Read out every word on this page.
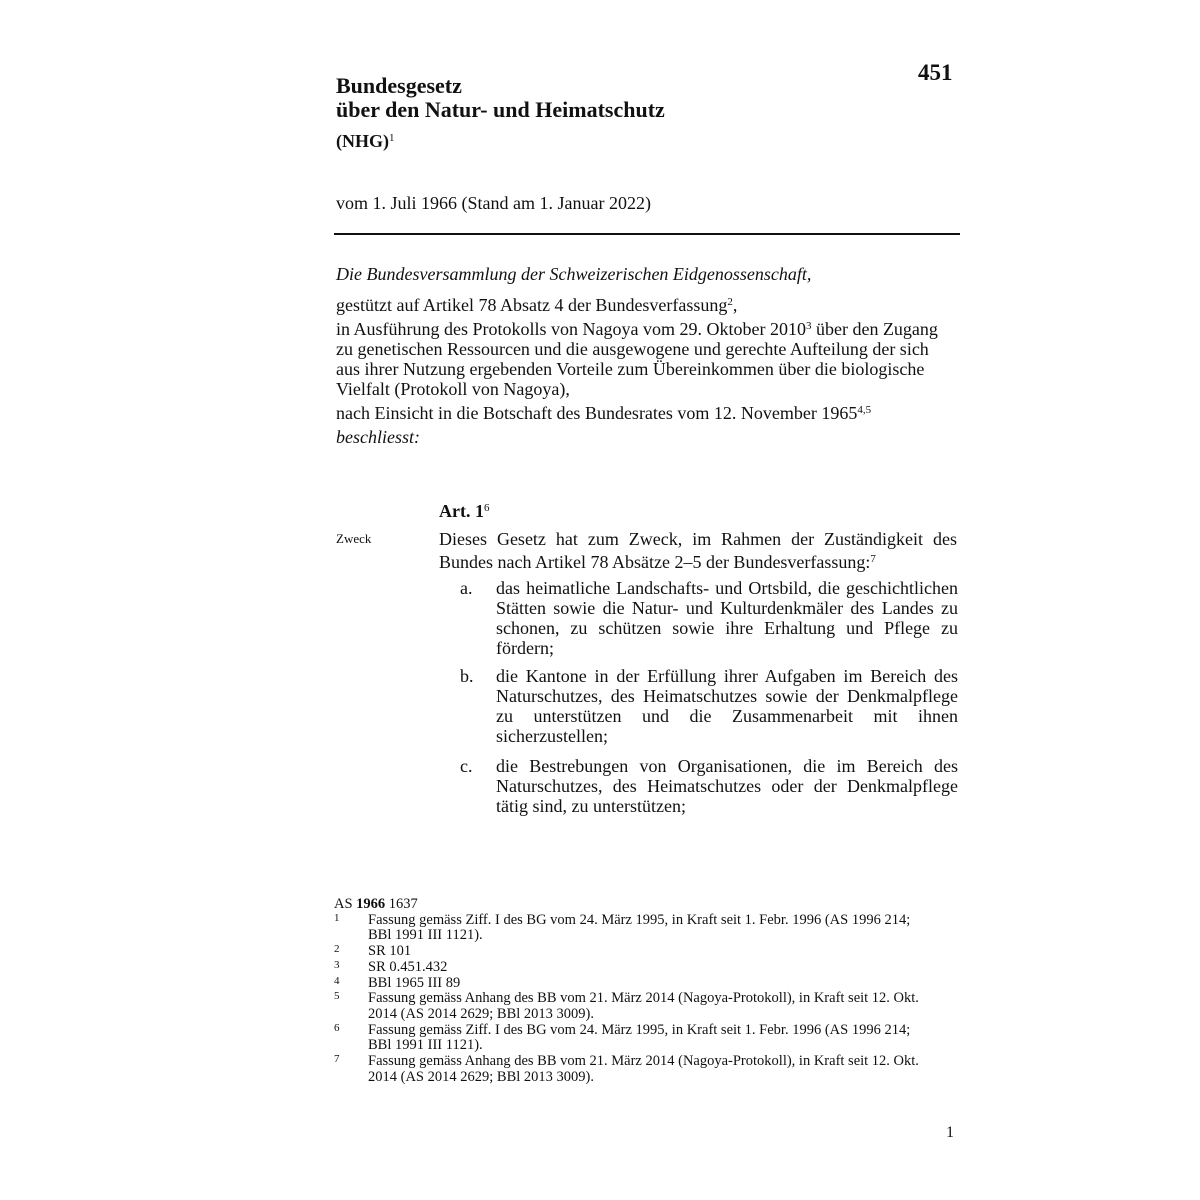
451
Bundesgesetz
über den Natur- und Heimatschutz
(NHG)$^1$
vom 1. Juli 1966 (Stand am 1. Januar 2022)
Die Bundesversammlung der Schweizerischen Eidgenossenschaft,
gestützt auf Artikel 78 Absatz 4 der Bundesverfassung$^2$,
in Ausführung des Protokolls von Nagoya vom 29. Oktober 2010$^3$ über den Zugang zu genetischen Ressourcen und die ausgewogene und gerechte Aufteilung der sich aus ihrer Nutzung ergebenden Vorteile zum Übereinkommen über die biologische Vielfalt (Protokoll von Nagoya),
nach Einsicht in die Botschaft des Bundesrates vom 12. November 1965$^{4,5}$
beschliesst:
Art. $1^6$
Zweck	Dieses Gesetz hat zum Zweck, im Rahmen der Zuständigkeit des Bundes nach Artikel 78 Absätze 2–5 der Bundesverfassung:$^7$
a. das heimatliche Landschafts- und Ortsbild, die geschichtlichen Stätten sowie die Natur- und Kulturdenkmäler des Landes zu schonen, zu schützen sowie ihre Erhaltung und Pflege zu fördern;
b. die Kantone in der Erfüllung ihrer Aufgaben im Bereich des Naturschutzes, des Heimatschutzes sowie der Denkmalpflege zu unterstützen und die Zusammenarbeit mit ihnen sicherzustellen;
c. die Bestrebungen von Organisationen, die im Bereich des Naturschutzes, des Heimatschutzes oder der Denkmalpflege tätig sind, zu unterstützen;
AS 1966 1637
1 Fassung gemäss Ziff. I des BG vom 24. März 1995, in Kraft seit 1. Febr. 1996 (AS 1996 214; BBl 1991 III 1121).
2 SR 101
3 SR 0.451.432
4 BBl 1965 III 89
5 Fassung gemäss Anhang des BB vom 21. März 2014 (Nagoya-Protokoll), in Kraft seit 12. Okt. 2014 (AS 2014 2629; BBl 2013 3009).
6 Fassung gemäss Ziff. I des BG vom 24. März 1995, in Kraft seit 1. Febr. 1996 (AS 1996 214; BBl 1991 III 1121).
7 Fassung gemäss Anhang des BB vom 21. März 2014 (Nagoya-Protokoll), in Kraft seit 12. Okt. 2014 (AS 2014 2629; BBl 2013 3009).
1
